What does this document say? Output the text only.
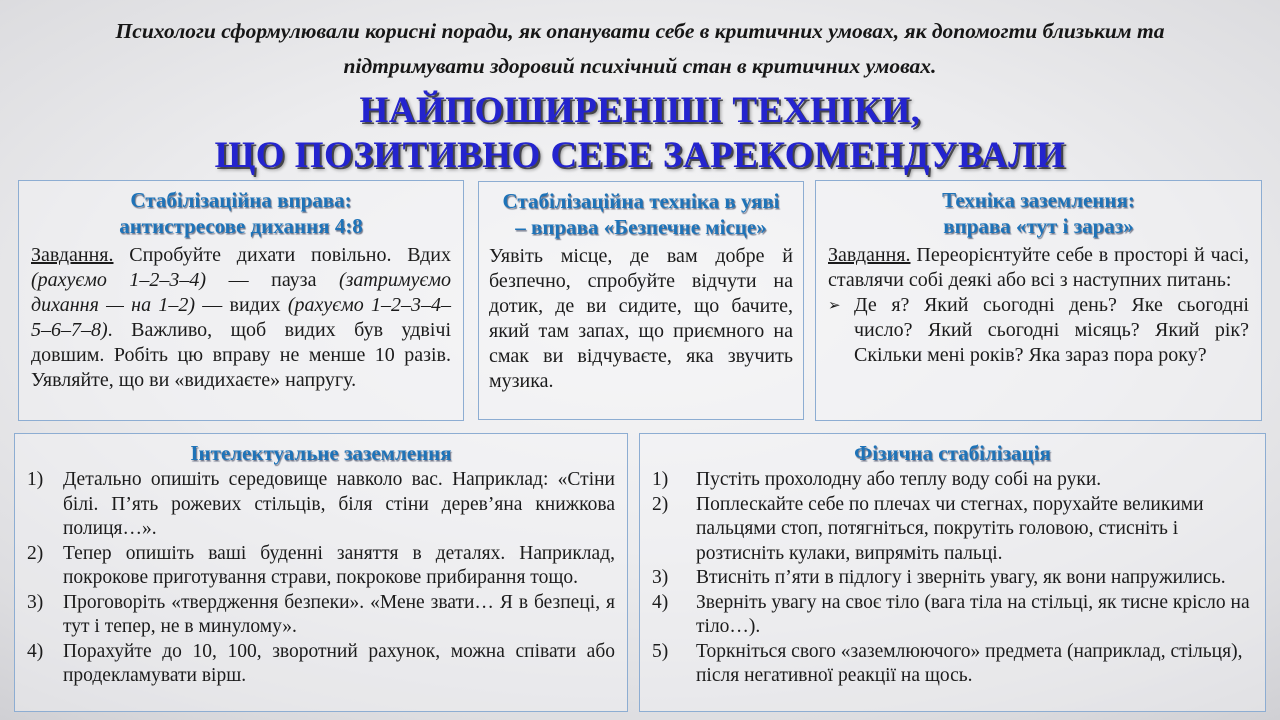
Психологи сформулювали корисні поради, як опанувати себе в критичних умовах, як допомогти близьким та підтримувати здоровий психічний стан в критичних умовах.

НАЙПОШИРЕНІШІ ТЕХНІКИ,
ЩО ПОЗИТИВНО СЕБЕ ЗАРЕКОМЕНДУВАЛИ
Стабілізаційна вправа:
антистресове дихання 4:8

Завдання. Спробуйте дихати повільно. Вдих (рахуємо 1–2–3–4) — пауза (затримуємо дихання — на 1–2) — видих (рахуємо 1–2–3–4–5–6–7–8). Важливо, щоб видих був удвічі довшим. Робіть цю вправу не менше 10 разів. Уявляйте, що ви «видихаєте» напругу.

Стабілізаційна техніка в уяві
– вправа «Безпечне місце»

Уявіть місце, де вам добре й безпечно, спробуйте відчути на дотик, де ви сидите, що бачите, який там запах, що приємного на смак ви відчуваєте, яка звучить музика.

Техніка заземлення:
вправа «тут і зараз»

Завдання. Переорієнтуйте себе в просторі й часі, ставлячи собі деякі або всі з наступних питань:

➢ Де я? Який сьогодні день? Яке сьогодні число? Який сьогодні місяць? Який рік? Скільки мені років? Яка зараз пора року?
Інтелектуальне заземлення
1)	Детально опишіть середовище навколо вас. Наприклад: «Стіни білі. П’ять рожевих стільців, біля стіни дерев’яна книжкова полиця…».
2)	Тепер опишіть ваші буденні заняття в деталях. Наприклад, покрокове приготування страви, покрокове прибирання тощо.
3)	Проговоріть «твердження безпеки». «Мене звати… Я в безпеці, я тут і тепер, не в минулому».
4)	Порахуйте до 10, 100, зворотний рахунок, можна співати або продекламувати вірш.
Фізична стабілізація
1)	Пустіть прохолодну або теплу воду собі на руки.
2)	Поплескайте себе по плечах чи стегнах, порухайте великими пальцями стоп, потягніться, покрутіть головою, стисніть і розтисніть кулаки, випряміть пальці.
3)	Втисніть п’яти в підлогу і зверніть увагу, як вони напружились.
4)	Зверніть увагу на своє тіло (вага тіла на стільці, як тисне крісло на тіло…).
5)	Торкніться свого «заземлюючого» предмета (наприклад, стільця), після негативної реакції на щось.
